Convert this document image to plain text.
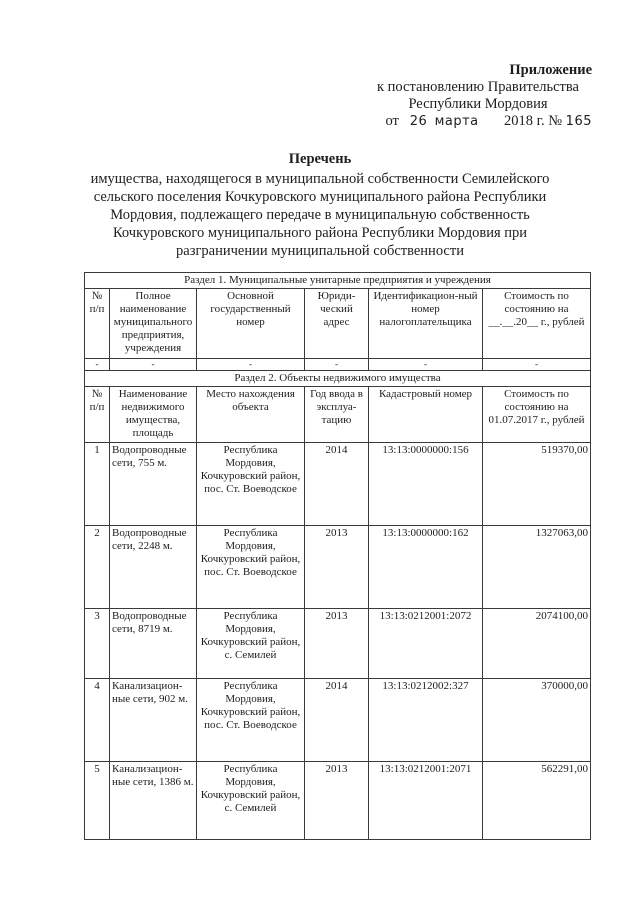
Приложение
к постановлению Правительства
Республики Мордовия
от 26 марта 2018 г. № 165
Перечень
имущества, находящегося в муниципальной собственности Семилейского
сельского поселения Кочкуровского муниципального района Республики
Мордовия, подлежащего передаче в муниципальную собственность
Кочкуровского муниципального района Республики Мордовия при
разграничении муниципальной собственности
Раздел 1. Муниципальные унитарные предприятия и учреждения					
№ п/п	Полное наименование муниципального предприятия, учреждения	Основной государственный номер	Юриди-ческий адрес	Идентификацион-ный номер налогоплательщика	Стоимость по состоянию на __.__.20__ г., рублей
-	-	-	-	-	-
Раздел 2. Объекты недвижимого имущества					
№ п/п	Наименование недвижимого имущества, площадь	Место нахождения объекта	Год ввода в эксплуа-тацию	Кадастровый номер	Стоимость по состоянию на 01.07.2017 г., рублей
1	Водопроводные сети, 755 м.	Республика Мордовия, Кочкуровский район, пос. Ст. Воеводское	2014	13:13:0000000:156	519370,00
2	Водопроводные сети, 2248 м.	Республика Мордовия, Кочкуровский район, пос. Ст. Воеводское	2013	13:13:0000000:162	1327063,00
3	Водопроводные сети, 8719 м.	Республика Мордовия, Кочкуровский район, с. Семилей	2013	13:13:0212001:2072	2074100,00
4	Канализацион-ные сети, 902 м.	Республика Мордовия, Кочкуровский район, пос. Ст. Воеводское	2014	13:13:0212002:327	370000,00
5	Канализацион-ные сети, 1386 м.	Республика Мордовия, Кочкуровский район, с. Семилей	2013	13:13:0212001:2071	562291,00
